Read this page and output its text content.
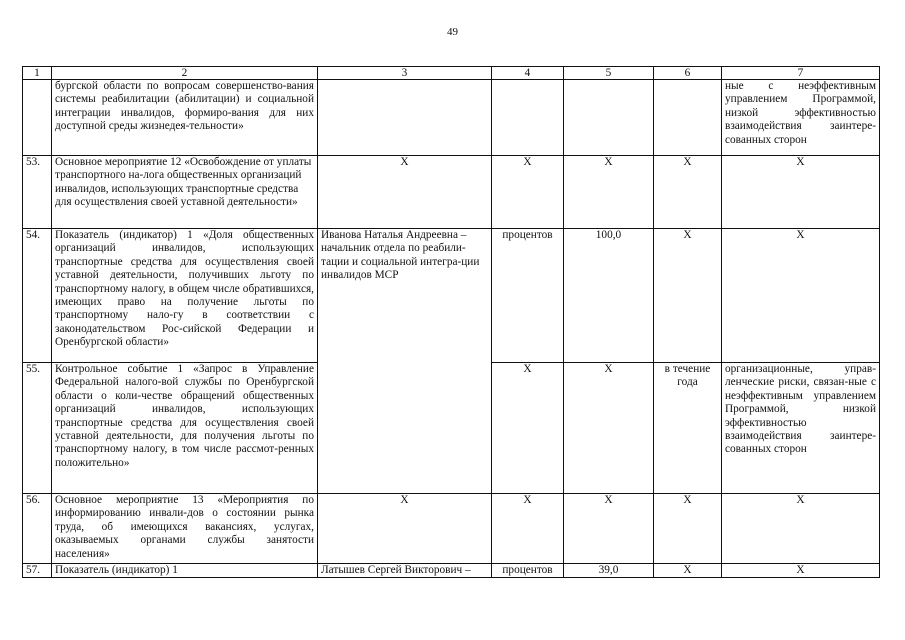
49
1	2	3	4	5	6	7
	бургской области по вопросам совершенство-вания системы реабилитации (абилитации) и социальной интеграции инвалидов, формиро-вания для них доступной среды жизнедея-тельности»					ные с неэффективным управлением Программой, низкой эффективностью взаимодействия заинтере-сованных сторон
53.	Основное мероприятие 12 «Освобождение от уплаты транспортного на-лога общественных организаций инвалидов, использующих транспортные средства для осуществления своей уставной деятельности»	Х	Х	Х	Х	Х
54.	Показатель (индикатор) 1 «Доля общественных организаций инвалидов, использующих транспортные средства для осуществления своей уставной деятельности, получивших льготу по транспортному налогу, в общем числе обратившихся, имеющих право на получение льготы по транспортному нало-гу в соответствии с законодательством Рос-сийской Федерации и Оренбургской области»	Иванова Наталья Андреевна – начальник отдела по реабили-тации и социальной интегра-ции инвалидов МСР	процентов	100,0	Х	Х
55.	Контрольное событие 1 «Запрос в Управление Федеральной налого-вой службы по Оренбургской области о коли-честве обращений общественных организаций инвалидов, использующих транспортные средства для осуществления своей уставной деятельности, для получения льготы по транспортному налогу, в том числе рассмот-ренных положительно»		Х	Х	в течение года	организационные, управ-ленческие риски, связан-ные с неэффективным управлением Программой, низкой эффективностью взаимодействия заинтере-сованных сторон
56.	Основное мероприятие 13 «Мероприятия по информированию инвали-дов о состоянии рынка труда, об имеющихся вакансиях, услугах, оказываемых органами службы занятости населения»	Х	Х	Х	Х	Х
57.	Показатель (индикатор) 1	Латышев Сергей Викторович –	процентов	39,0	Х	Х
